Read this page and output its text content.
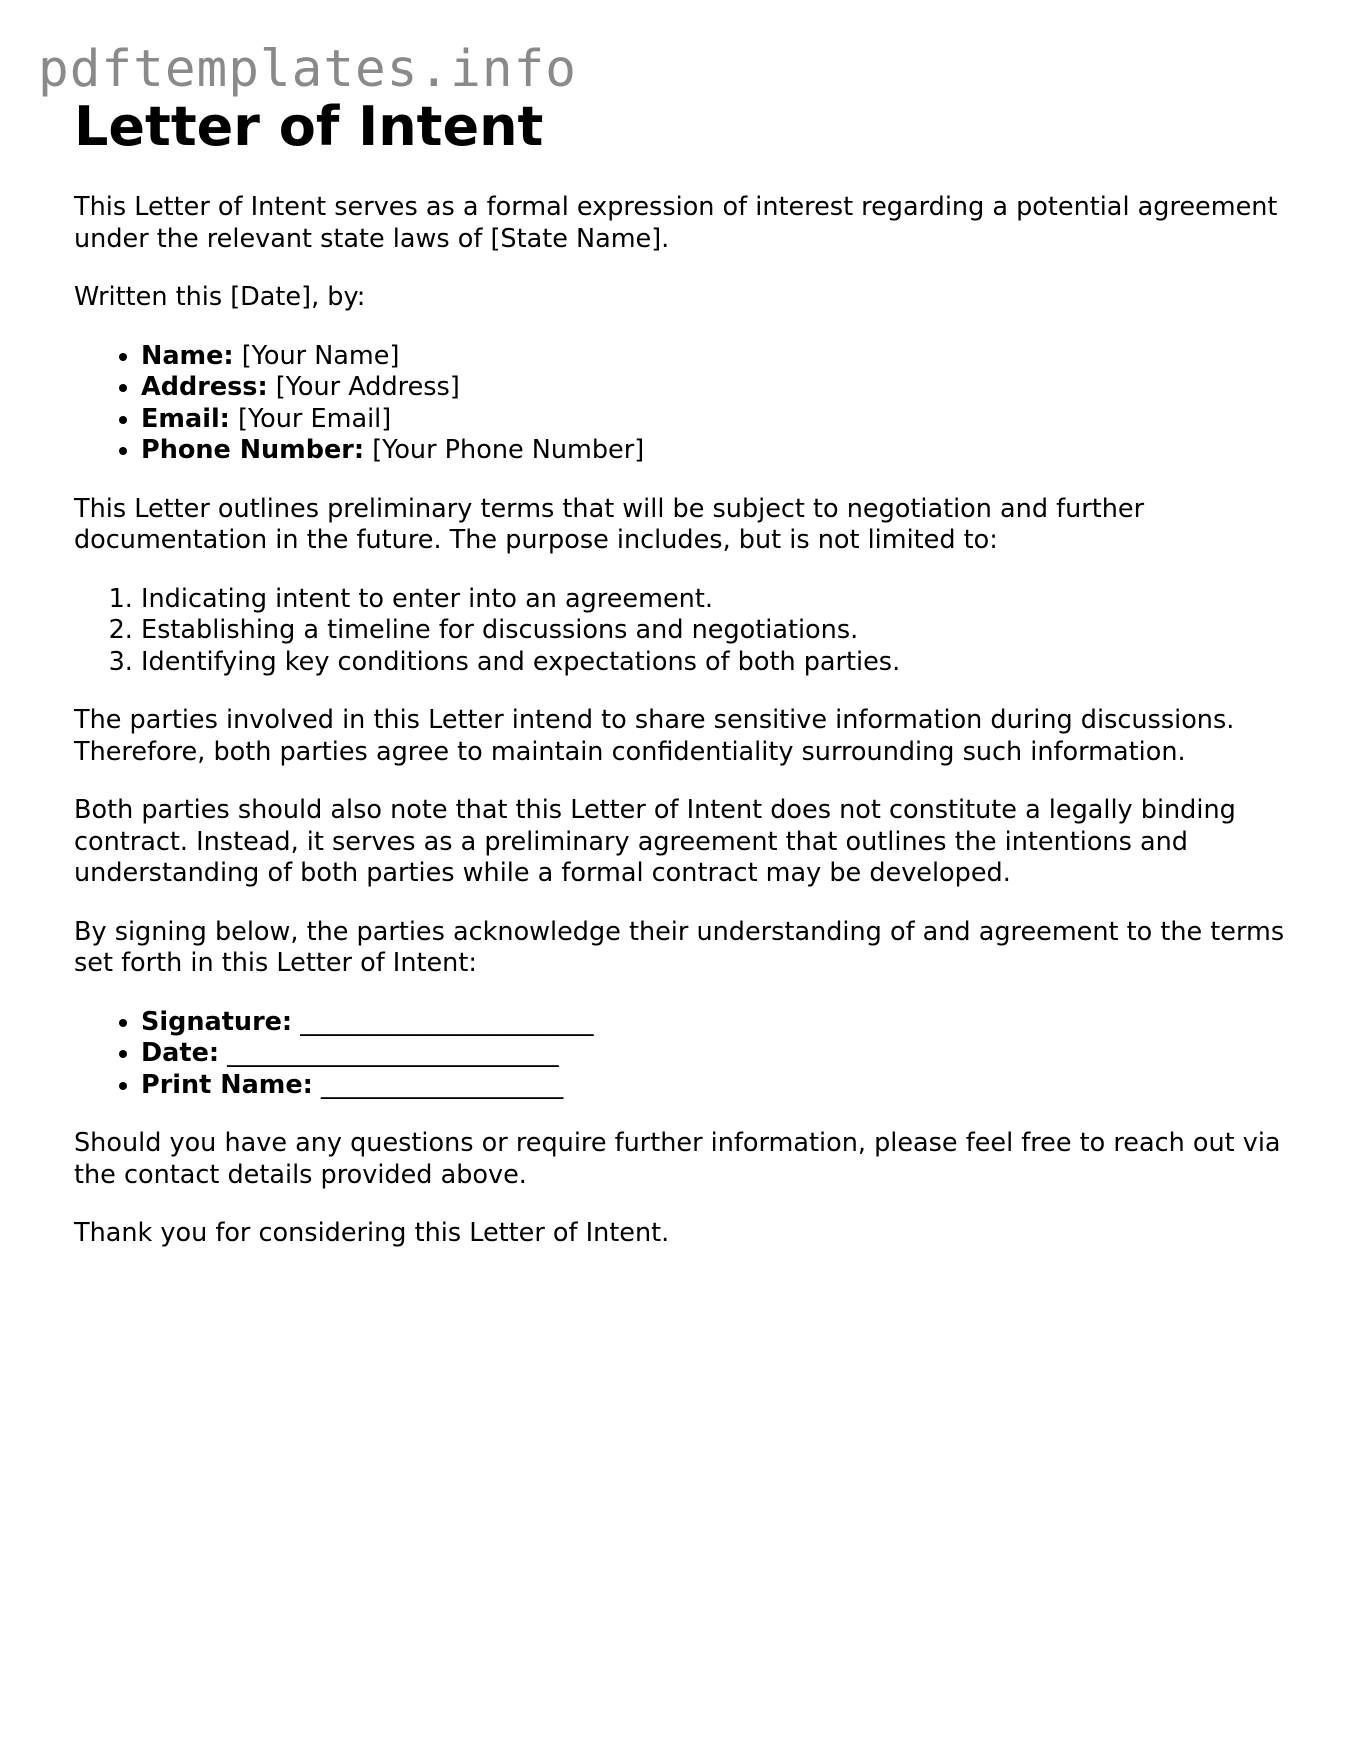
pdftemplates.info
Letter of Intent

This Letter of Intent serves as a formal expression of interest regarding a potential agreement under the relevant state laws of [State Name].

Written this [Date], by:

• Name: [Your Name]
• Address: [Your Address]
• Email: [Your Email]
• Phone Number: [Your Phone Number]

This Letter outlines preliminary terms that will be subject to negotiation and further documentation in the future. The purpose includes, but is not limited to:

1. Indicating intent to enter into an agreement.
2. Establishing a timeline for discussions and negotiations.
3. Identifying key conditions and expectations of both parties.

The parties involved in this Letter intend to share sensitive information during discussions. Therefore, both parties agree to maintain confidentiality surrounding such information.

Both parties should also note that this Letter of Intent does not constitute a legally binding contract. Instead, it serves as a preliminary agreement that outlines the intentions and understanding of both parties while a formal contract may be developed.

By signing below, the parties acknowledge their understanding of and agreement to the terms set forth in this Letter of Intent:

• Signature: _______________________
• Date: __________________________
• Print Name: ___________________

Should you have any questions or require further information, please feel free to reach out via the contact details provided above.

Thank you for considering this Letter of Intent.
